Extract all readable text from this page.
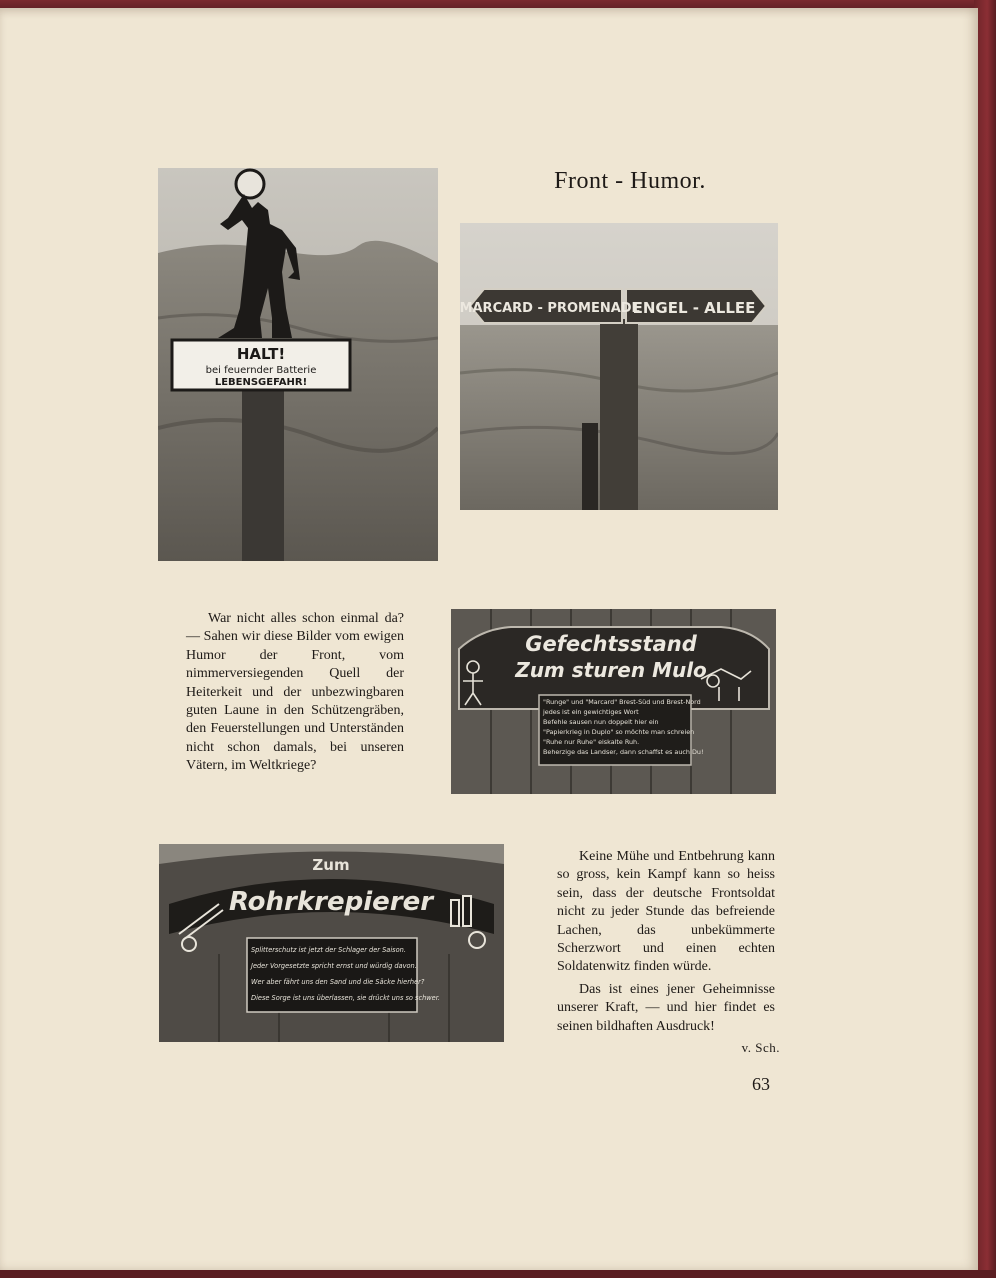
Front - Humor.
HALT!
bei feuernder Batterie
LEBENSGEFAHR!
MARCARD - PROMENADE
ENGEL - ALLEE

War nicht alles schon einmal da? — Sahen wir diese Bilder vom ewigen Humor der Front, vom nimmerversiegenden Quell der Heiterkeit und der unbezwingbaren guten Laune in den Schützengräben, den Feuerstellungen und Unterständen nicht schon damals, bei unseren Vätern, im Weltkriege?

Gefechtsstand
Zum sturen Mulo
"Runge" und "Marcard" Brest-Süd und Brest-Nord
jedes ist ein gewichtiges Wort
Befehle sausen nun doppelt hier ein
"Papierkrieg in Duplo" so möchte man schreien
"Ruhe nur Ruhe" eiskalte Ruh.
Beherzige das Landser, dann schaffst es auch Du!
Zum
Rohrkrepierer
Splitterschutz ist jetzt der Schlager der Saison.
Jeder Vorgesetzte spricht ernst und würdig davon.
Wer aber fährt uns den Sand und die Säcke hierher?
Diese Sorge ist uns überlassen, sie drückt uns so schwer.

Keine Mühe und Entbehrung kann so gross, kein Kampf kann so heiss sein, dass der deutsche Frontsoldat nicht zu jeder Stunde das befreiende Lachen, das unbekümmerte Scherzwort und einen echten Soldatenwitz finden würde.

Das ist eines jener Geheimnisse unserer Kraft, — und hier findet es seinen bildhaften Ausdruck!

v. Sch.
63
